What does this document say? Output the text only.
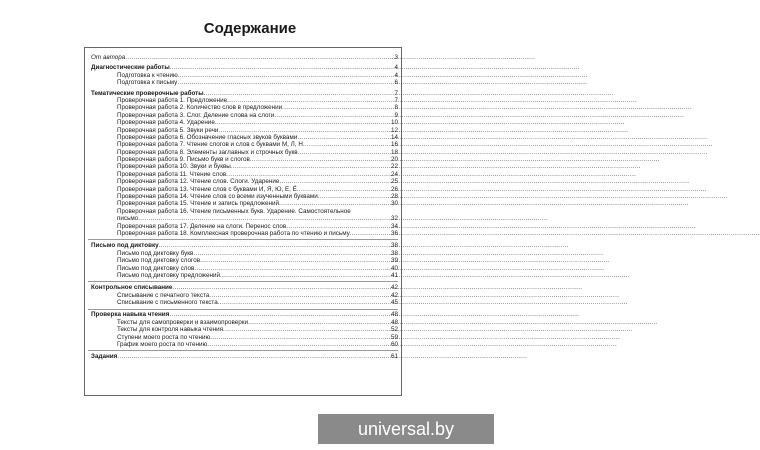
Содержание
От автора .....	3
Диагностические работы .....	4
Подготовка к чтению .....	4
Подготовка к письму .....	6
Тематические проверочные работы .....	7
Проверочная работа 1. Предложение .....	7
Проверочная работа 2. Количество слов в предложении .....	8
Проверочная работа 3. Слог. Деление слова на слоги .....	9
Проверочная работа 4. Ударение .....	10
Проверочная работа 5. Звуки речи .....	12
Проверочная работа 6. Обозначение гласных звуков буквами .....	14
Проверочная работа 7. Чтение слогов и слов с буквами М, Л, Н .....	16
Проверочная работа 8. Элементы заглавных и строчных букв .....	18
Проверочная работа 9. Письмо букв и слогов .....	20
Проверочная работа 10. Звуки и буквы .....	22
Проверочная работа 11. Чтение слов .....	24
Проверочная работа 12. Чтение слов. Слоги. Ударение .....	25
Проверочная работа 13. Чтение слов с буквами И, Я, Ю, Е, Ё .....	26
Проверочная работа 14. Чтение слов со всеми изученными буквами .....	28
Проверочная работа 15. Чтение и запись предложений .....	30
Проверочная работа 16. Чтение письменных букв. Ударение. Самостоятельное
письмо .....	32
Проверочная работа 17. Деление на слоги. Перенос слов .....	34
Проверочная работа 18. Комплексная проверочная работа по чтению и письму .....	36
Письмо под диктовку .....	38
Письмо под диктовку букв .....	38
Письмо под диктовку слогов .....	39
Письмо под диктовку слов .....	40
Письмо под диктовку предложений .....	41
Контрольное списывание .....	42
Списывание с печатного текста .....	42
Списывание с письменного текста .....	45
Проверка навыка чтения .....	48
Тексты для самопроверки и взаимопроверки .....	48
Тексты для контроля навыка чтения .....	52
Ступени моего роста по чтению .....	59
График моего роста по чтению .....	60
Задания .....	61
universal.by
